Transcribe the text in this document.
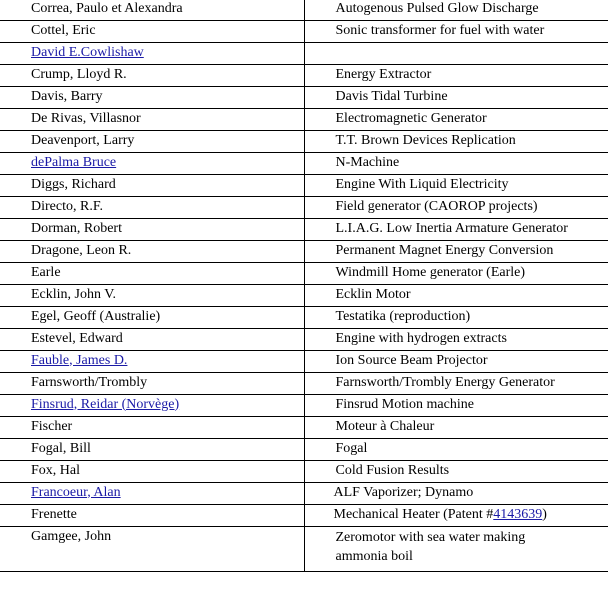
Correa, Paulo et Alexandra	Autogenous Pulsed Glow Discharge
Cottel, Eric	Sonic transformer for fuel with water
David E.Cowlishaw	
Crump, Lloyd R.	Energy Extractor
Davis, Barry	Davis Tidal Turbine
De Rivas, Villasnor	Electromagnetic Generator
Deavenport, Larry	T.T. Brown Devices Replication
dePalma Bruce	N-Machine
Diggs, Richard	Engine With Liquid Electricity
Directo, R.F.	Field generator (CAOROP projects)
Dorman, Robert	L.I.A.G. Low Inertia Armature Generator
Dragone, Leon R.	Permanent Magnet Energy Conversion
Earle	Windmill Home generator (Earle)
Ecklin, John V.	Ecklin Motor
Egel, Geoff (Australie)	Testatika (reproduction)
Estevel, Edward	Engine with hydrogen extracts
Fauble, James D.	Ion Source Beam Projector
Farnsworth/Trombly	Farnsworth/Trombly Energy Generator
Finsrud, Reidar (Norvège)	Finsrud Motion machine
Fischer	Moteur à Chaleur
Fogal, Bill	Fogal
Fox, Hal	Cold Fusion Results
Francoeur, Alan	ALF Vaporizer; Dynamo
Frenette	Mechanical Heater (Patent #4143639)
Gamgee, John	Zeromotor with sea water making ammonia boil
